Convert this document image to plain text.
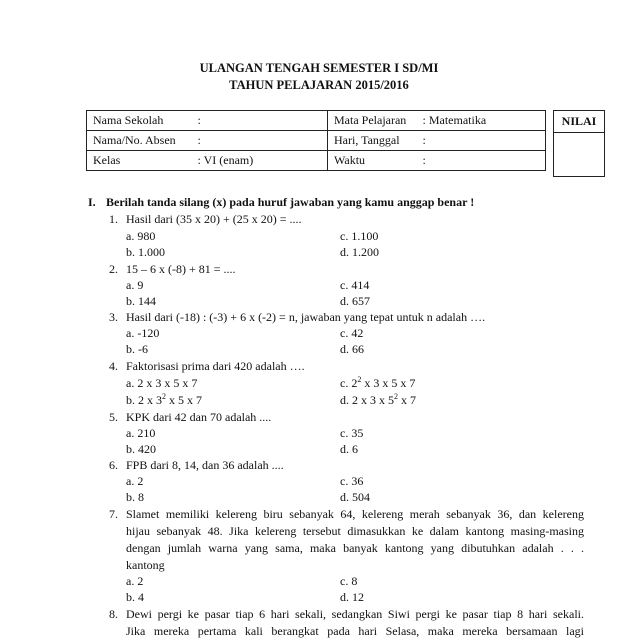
ULANGAN TENGAH SEMESTER I SD/MI
TAHUN PELAJARAN 2015/2016
Nama Sekolah	:	Mata Pelajaran	: Matematika
Nama/No. Absen	:	Hari, Tanggal	:
Kelas	: VI (enam)	Waktu	:
NILAI
I. Berilah tanda silang (x) pada huruf jawaban yang kamu anggap benar !
1. Hasil dari (35 x 20) + (25 x 20) = ....
a. 980	c. 1.100
b. 1.000	d. 1.200
2. 15 – 6 x (-8) + 81 = ....
a. 9	c. 414
b. 144	d. 657
3. Hasil dari (-18) : (-3) + 6 x (-2) = n, jawaban yang tepat untuk n adalah ….
a. -120	c. 42
b. -6	d. 66
4. Faktorisasi prima dari 420 adalah ….
a. 2 x 3 x 5 x 7	c. $2^2$ x 3 x 5 x 7
b. 2 x $3^2$ x 5 x 7	d. 2 x 3 x $5^2$ x 7
5. KPK dari 42 dan 70 adalah ....
a. 210	c. 35
b. 420	d. 6
6. FPB dari 8, 14, dan 36 adalah ....
a. 2	c. 36
b. 8	d. 504
7. Slamet memiliki kelereng biru sebanyak 64, kelereng merah sebanyak 36, dan kelereng
hijau sebanyak 48. Jika kelereng tersebut dimasukkan ke dalam kantong masing-masing
dengan jumlah warna yang sama, maka banyak kantong yang dibutuhkan adalah . . .
kantong
a. 2	c. 8
b. 4	d. 12
8. Dewi pergi ke pasar tiap 6 hari sekali, sedangkan Siwi pergi ke pasar tiap 8 hari sekali.
Jika mereka pertama kali berangkat pada hari Selasa, maka mereka bersamaan lagi
